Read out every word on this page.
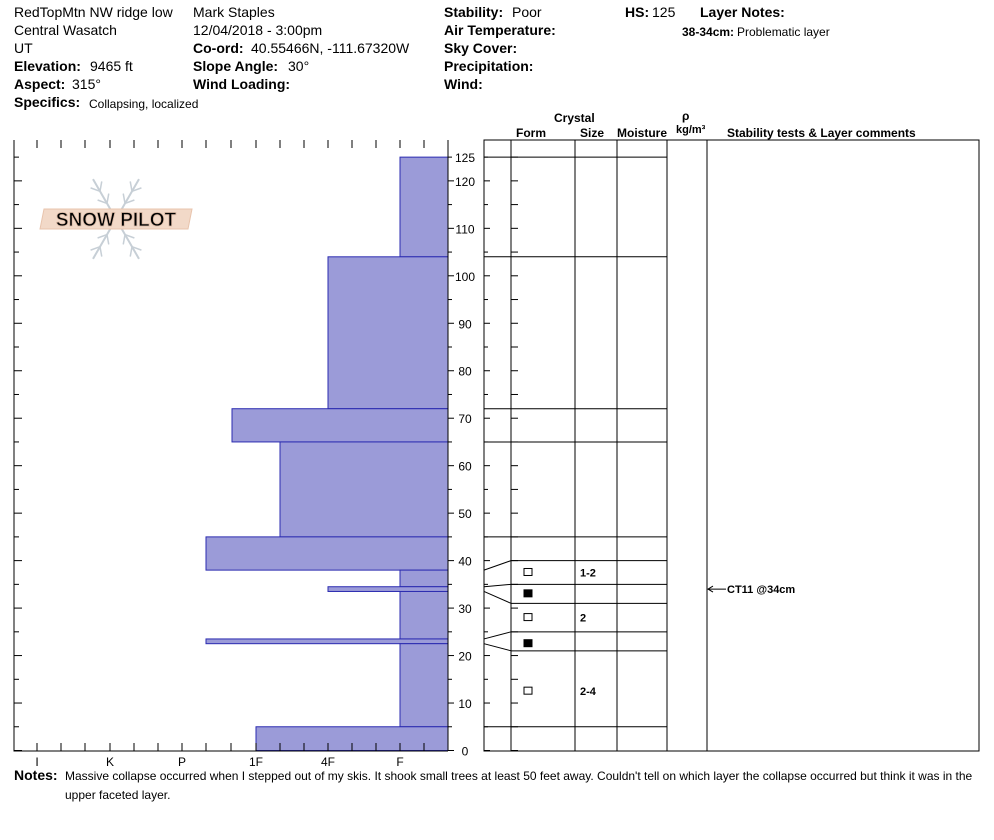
SNOW PILOT
I	K	P	1F	4F	F
0
10
20
30
40
50
60
70
80
90
100
110
120
125
1-2
2
2-4
CT11 @34cm
RedTopMtn NW ridge low
Central Wasatch
UT
Elevation: 9465 ft
Aspect: 315°
Specifics: Collapsing, localized
Mark Staples
12/04/2018 - 3:00pm
Co-ord: 40.55466N, -111.67320W
Slope Angle: 30°
Wind Loading:
Stability: Poor
Air Temperature:
Sky Cover:
Precipitation:
Wind:
HS: 125 Layer Notes:
38-34cm: Problematic layer
Crystal
Form	Size Moisture
ρ
kg/m³ Stability tests & Layer comments
Notes: Massive collapse occurred when I stepped out of my skis. It shook small trees at least 50 feet away. Couldn't tell on which layer the collapse occurred but think it was in the upper faceted layer.
